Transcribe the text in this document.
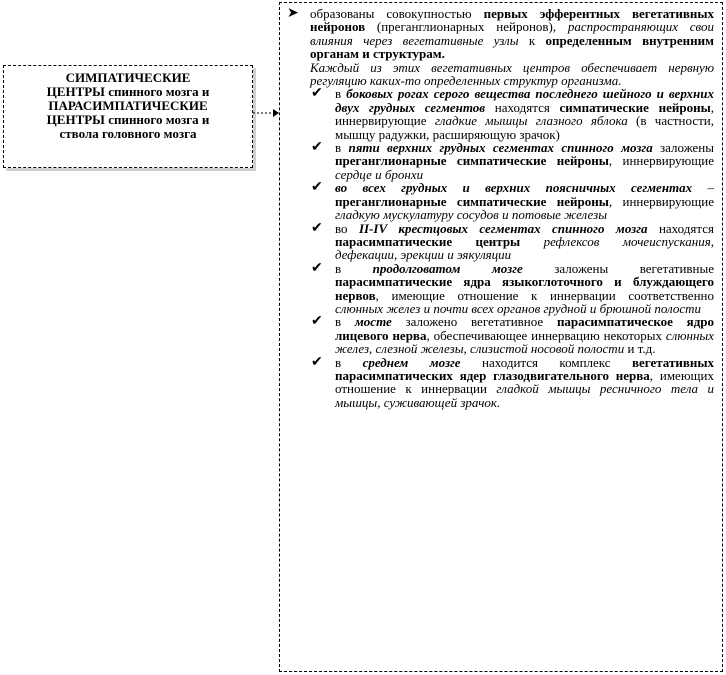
СИМПАТИЧЕСКИЕ
ЦЕНТРЫ спинного мозга и
ПАРАСИМПАТИЧЕСКИЕ
ЦЕНТРЫ спинного мозга и
ствола головного мозга
➤ образованы совокупностью первых эфферентных вегетативных нейронов (преганглионарных нейронов), распространяющих свои влияния через вегетативные узлы к определенным внутренним органам и структурам.

Каждый из этих вегетативных центров обеспечивает нервную регуляцию каких-то определенных структур организма.

✔ в боковых рогах серого вещества последнего шейного и верхних двух грудных сегментов находятся симпатические нейроны, иннервирующие гладкие мышцы глазного яблока (в частности, мышцу радужки, расширяющую зрачок)

✔ в пяти верхних грудных сегментах спинного мозга заложены преганглионарные симпатические нейроны, иннервирующие сердце и бронхи

✔ во всех грудных и верхних поясничных сегментах – преганглионарные симпатические нейроны, иннервирующие гладкую мускулатуру сосудов и потовые железы

✔ во II-IV крестцовых сегментах спинного мозга находятся парасимпатические центры рефлексов мочеиспускания, дефекации, эрекции и эякуляции

✔ в продолговатом мозге заложены вегетативные парасимпатические ядра языкоглоточного и блуждающего нервов, имеющие отношение к иннервации соответственно слюнных желез и почти всех органов грудной и брюшной полости

✔ в мосте заложено вегетативное парасимпатическое ядро лицевого нерва, обеспечивающее иннервацию некоторых слюнных желез, слезной железы, слизистой носовой полости и т.д.

✔ в среднем мозге находится комплекс вегетативных парасимпатических ядер глазодвигательного нерва, имеющих отношение к иннервации гладкой мышцы ресничного тела и мышцы, суживающей зрачок.
